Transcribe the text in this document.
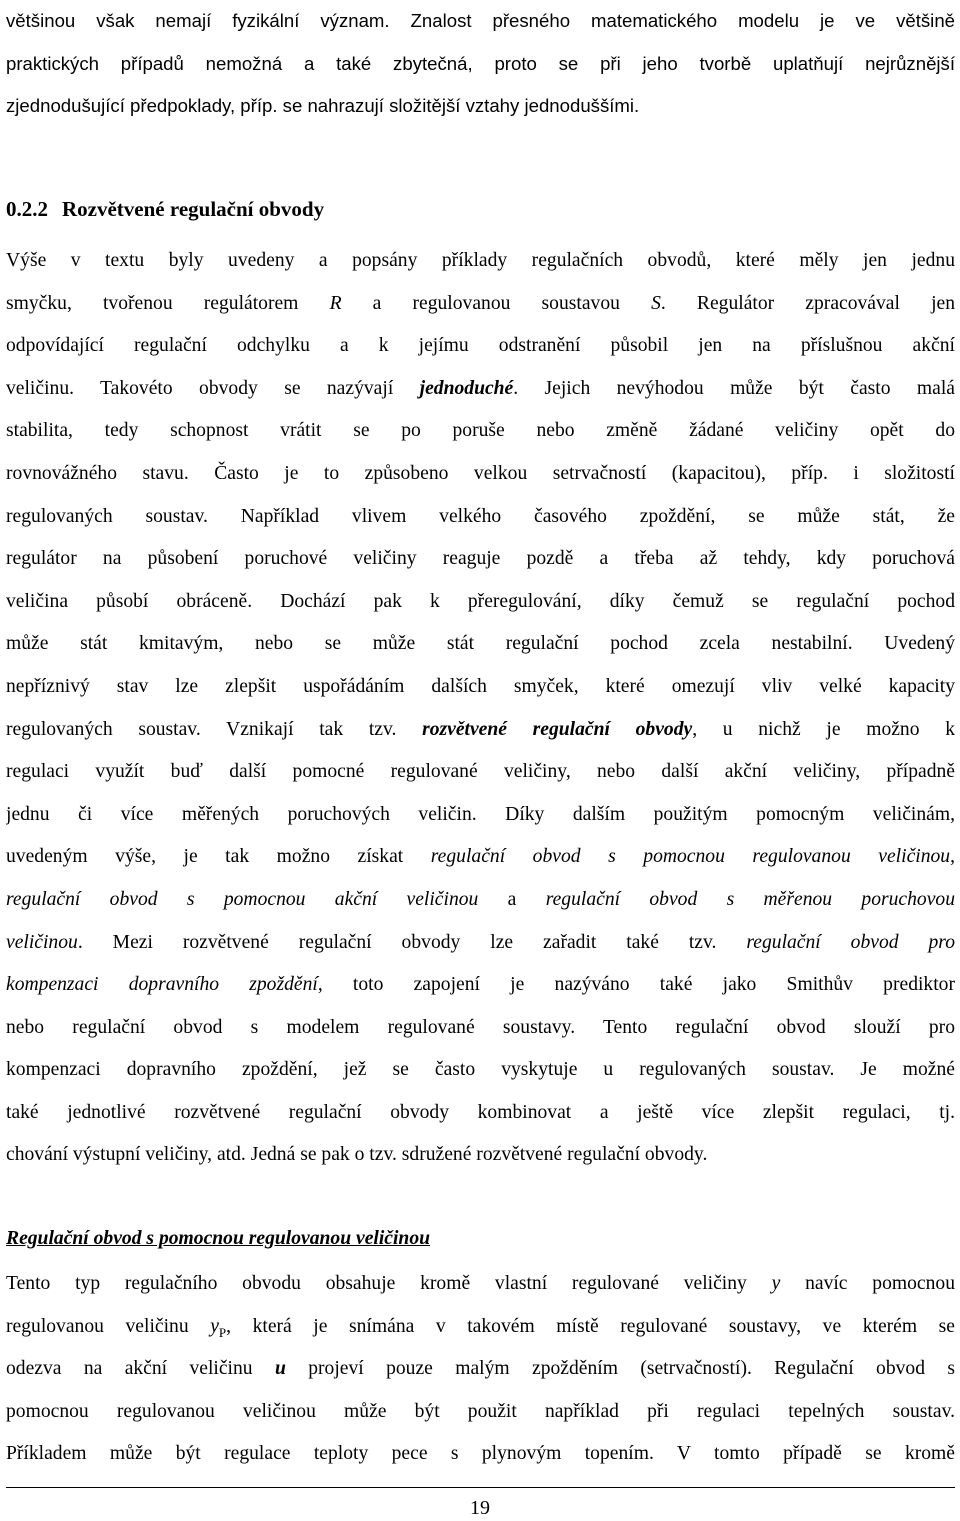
většinou však nemají fyzikální význam. Znalost přesného matematického modelu je ve většině
praktických případů nemožná a také zbytečná, proto se při jeho tvorbě uplatňují nejrůznější
zjednodušující předpoklady, příp. se nahrazují složitější vztahy jednoduššími.
0.2.2 Rozvětvené regulační obvody
Výše v textu byly uvedeny a popsány příklady regulačních obvodů, které měly jen jednu
smyčku, tvořenou regulátorem R a regulovanou soustavou S. Regulátor zpracovával jen
odpovídající regulační odchylku a k jejímu odstranění působil jen na příslušnou akční
veličinu. Takovéto obvody se nazývají jednoduché. Jejich nevýhodou může být často malá
stabilita, tedy schopnost vrátit se po poruše nebo změně žádané veličiny opět do
rovnovážného stavu. Často je to způsobeno velkou setrvačností (kapacitou), příp. i složitostí
regulovaných soustav. Například vlivem velkého časového zpoždění, se může stát, že
regulátor na působení poruchové veličiny reaguje pozdě a třeba až tehdy, kdy poruchová
veličina působí obráceně. Dochází pak k přeregulování, díky čemuž se regulační pochod
může stát kmitavým, nebo se může stát regulační pochod zcela nestabilní. Uvedený
nepříznivý stav lze zlepšit uspořádáním dalších smyček, které omezují vliv velké kapacity
regulovaných soustav. Vznikají tak tzv. rozvětvené regulační obvody, u nichž je možno k
regulaci využít buď další pomocné regulované veličiny, nebo další akční veličiny, případně
jednu či více měřených poruchových veličin. Díky dalším použitým pomocným veličinám,
uvedeným výše, je tak možno získat regulační obvod s pomocnou regulovanou veličinou,
regulační obvod s pomocnou akční veličinou a regulační obvod s měřenou poruchovou
veličinou. Mezi rozvětvené regulační obvody lze zařadit také tzv. regulační obvod pro
kompenzaci dopravního zpoždění, toto zapojení je nazýváno také jako Smithův prediktor
nebo regulační obvod s modelem regulované soustavy. Tento regulační obvod slouží pro
kompenzaci dopravního zpoždění, jež se často vyskytuje u regulovaných soustav. Je možné
také jednotlivé rozvětvené regulační obvody kombinovat a ještě více zlepšit regulaci, tj.
chování výstupní veličiny, atd. Jedná se pak o tzv. sdružené rozvětvené regulační obvody.
Regulační obvod s pomocnou regulovanou veličinou
Tento typ regulačního obvodu obsahuje kromě vlastní regulované veličiny y navíc pomocnou
regulovanou veličinu $y_P$, která je snímána v takovém místě regulované soustavy, ve kterém se
odezva na akční veličinu u projeví pouze malým zpožděním (setrvačností). Regulační obvod s
pomocnou regulovanou veličinou může být použit například při regulaci tepelných soustav.
Příkladem může být regulace teploty pece s plynovým topením. V tomto případě se kromě
19
